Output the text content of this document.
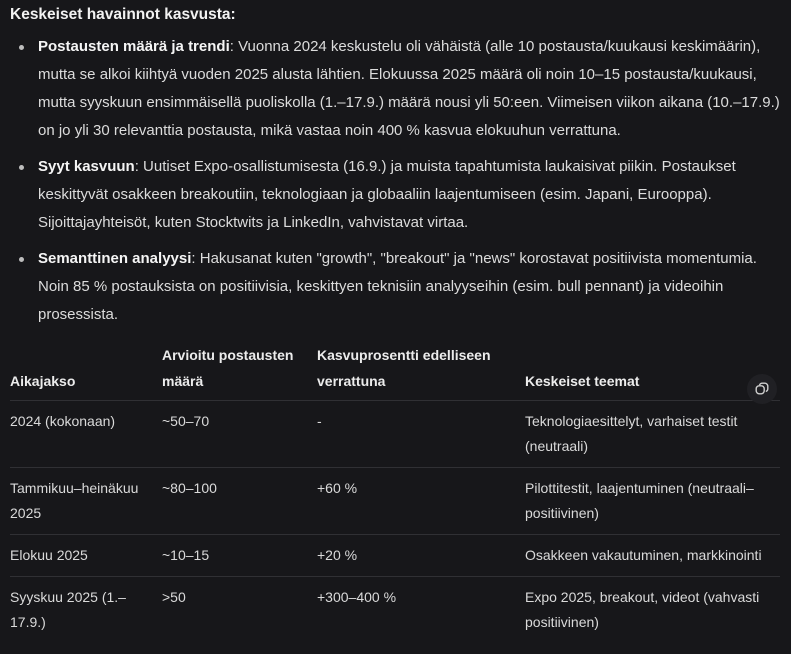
Keskeiset havainnot kasvusta:

Postausten määrä ja trendi: Vuonna 2024 keskustelu oli vähäistä (alle 10 postausta/kuukausi keskimäärin), mutta se alkoi kiihtyä vuoden 2025 alusta lähtien. Elokuussa 2025 määrä oli noin 10–15 postausta/kuukausi, mutta syyskuun ensimmäisellä puoliskolla (1.–17.9.) määrä nousi yli 50:een. Viimeisen viikon aikana (10.–17.9.) on jo yli 30 relevanttia postausta, mikä vastaa noin 400 % kasvua elokuuhun verrattuna.
Syyt kasvuun: Uutiset Expo-osallistumisesta (16.9.) ja muista tapahtumista laukaisivat piikin. Postaukset keskittyvät osakkeen breakoutiin, teknologiaan ja globaaliin laajentumiseen (esim. Japani, Eurooppa). Sijoittajayhteisöt, kuten Stocktwits ja LinkedIn, vahvistavat virtaa.
Semanttinen analyysi: Hakusanat kuten "growth", "breakout" ja "news" korostavat positiivista momentumia. Noin 85 % postauksista on positiivisia, keskittyen teknisiin analyyseihin (esim. bull pennant) ja videoihin prosessista.
Aikajakso	Arvioitu postausten määrä	Kasvuprosentti edelliseen verrattuna	Keskeiset teemat
2024 (kokonaan)	~50–70	-	Teknologiaesittelyt, varhaiset testit (neutraali)
Tammikuu–heinäkuu 2025	~80–100	+60 %	Pilottitestit, laajentuminen (neutraali–positiivinen)
Elokuu 2025	~10–15	+20 %	Osakkeen vakautuminen, markkinointi
Syyskuu 2025 (1.–17.9.)	>50	+300–400 %	Expo 2025, breakout, videot (vahvasti positiivinen)
